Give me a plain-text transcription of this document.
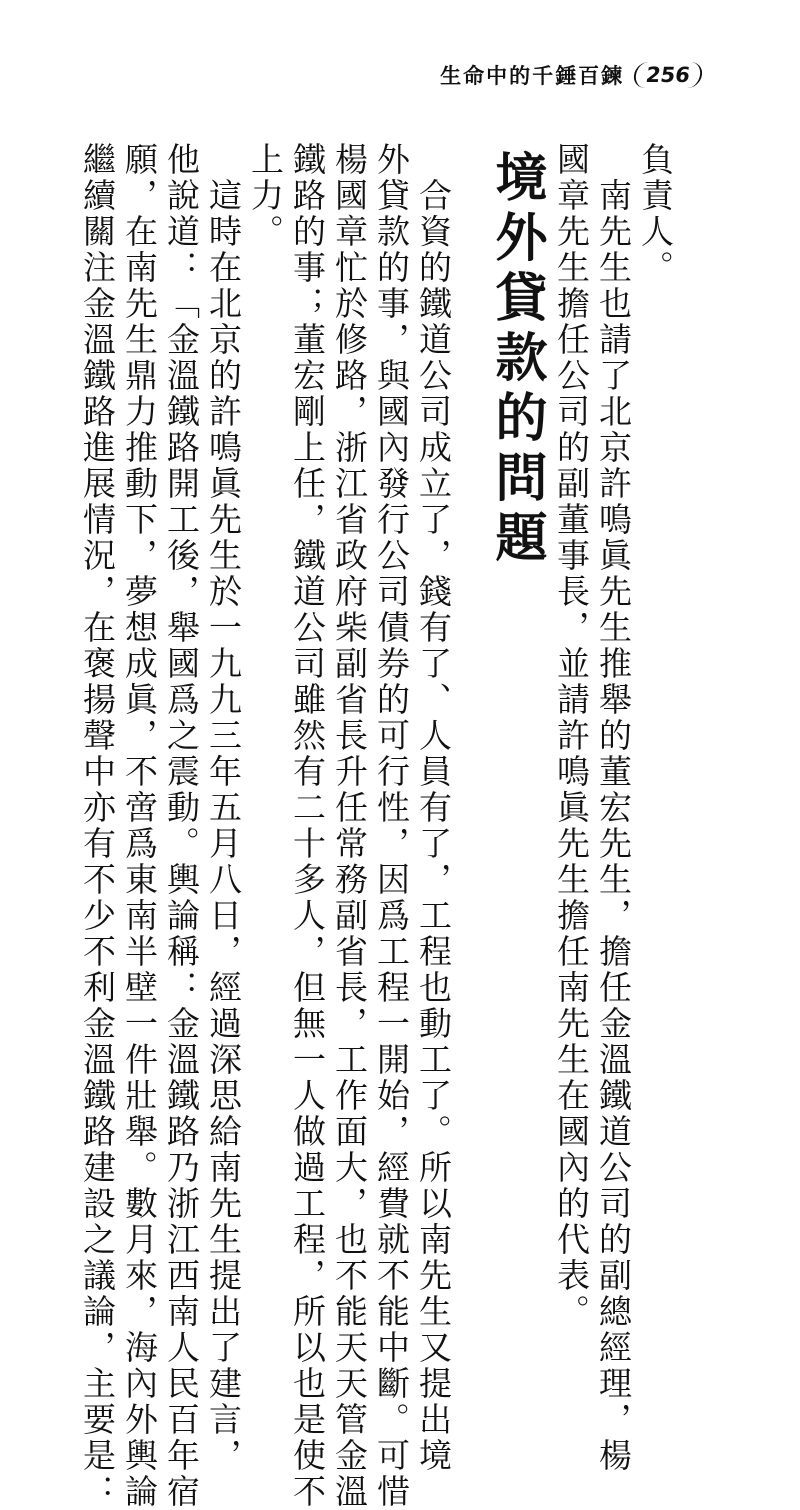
生命中的千錘百鍊 256
負責人。
　南先生也請了北京許鳴眞先生推舉的董宏先生，擔任金溫鐵道公司的副總經理，楊
國章先生擔任公司的副董事長，並請許鳴眞先生擔任南先生在國內的代表。
境外貸款的問題
　合資的鐵道公司成立了，錢有了、人員有了，工程也動工了。所以南先生又提出境
外貸款的事，與國內發行公司債券的可行性，因爲工程一開始，經費就不能中斷。可惜
楊國章忙於修路，浙江省政府柴副省長升任常務副省長，工作面大，也不能天天管金溫
鐵路的事；董宏剛上任，鐵道公司雖然有二十多人，但無一人做過工程，所以也是使不
上力。
　這時在北京的許鳴眞先生於一九九三年五月八日，經過深思給南先生提出了建言，
他說道：「金溫鐵路開工後，舉國爲之震動。輿論稱：金溫鐵路乃浙江西南人民百年宿
願，在南先生鼎力推動下，夢想成眞，不啻爲東南半壁一件壯舉。數月來，海內外輿論
繼續關注金溫鐵路進展情況，在褒揚聲中亦有不少不利金溫鐵路建設之議論，主要是：
